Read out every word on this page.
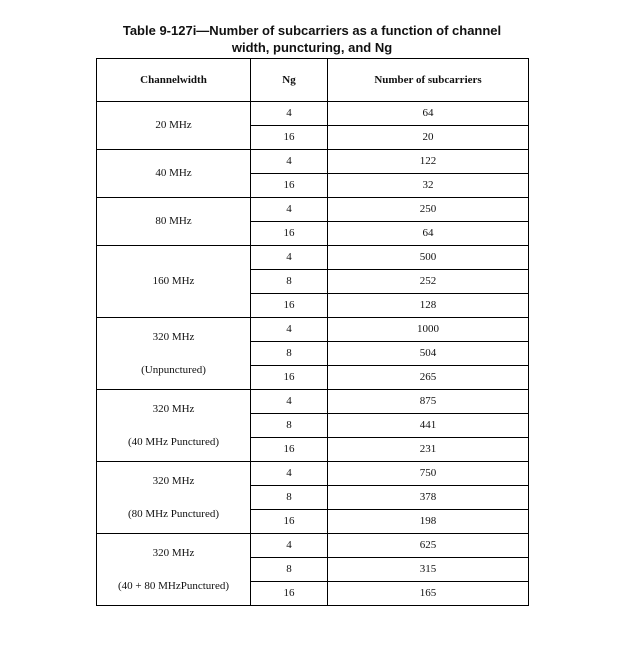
Table 9-127i—Number of subcarriers as a function of channel
width, puncturing, and Ng
Channelwidth	Ng	Number of subcarriers

20 MHz	4	64
	16	20

40 MHz	4	122
	16	32

80 MHz	4	250
	16	64

160 MHz	4	500
	8	252
	16	128

320 MHz
(Unpunctured)	4	1000
	8	504
	16	265

320 MHz
(40 MHz Punctured)	4	875
	8	441
	16	231

320 MHz
(80 MHz Punctured)	4	750
	8	378
	16	198

320 MHz
(40 + 80 MHzPunctured)	4	625
	8	315
	16	165
